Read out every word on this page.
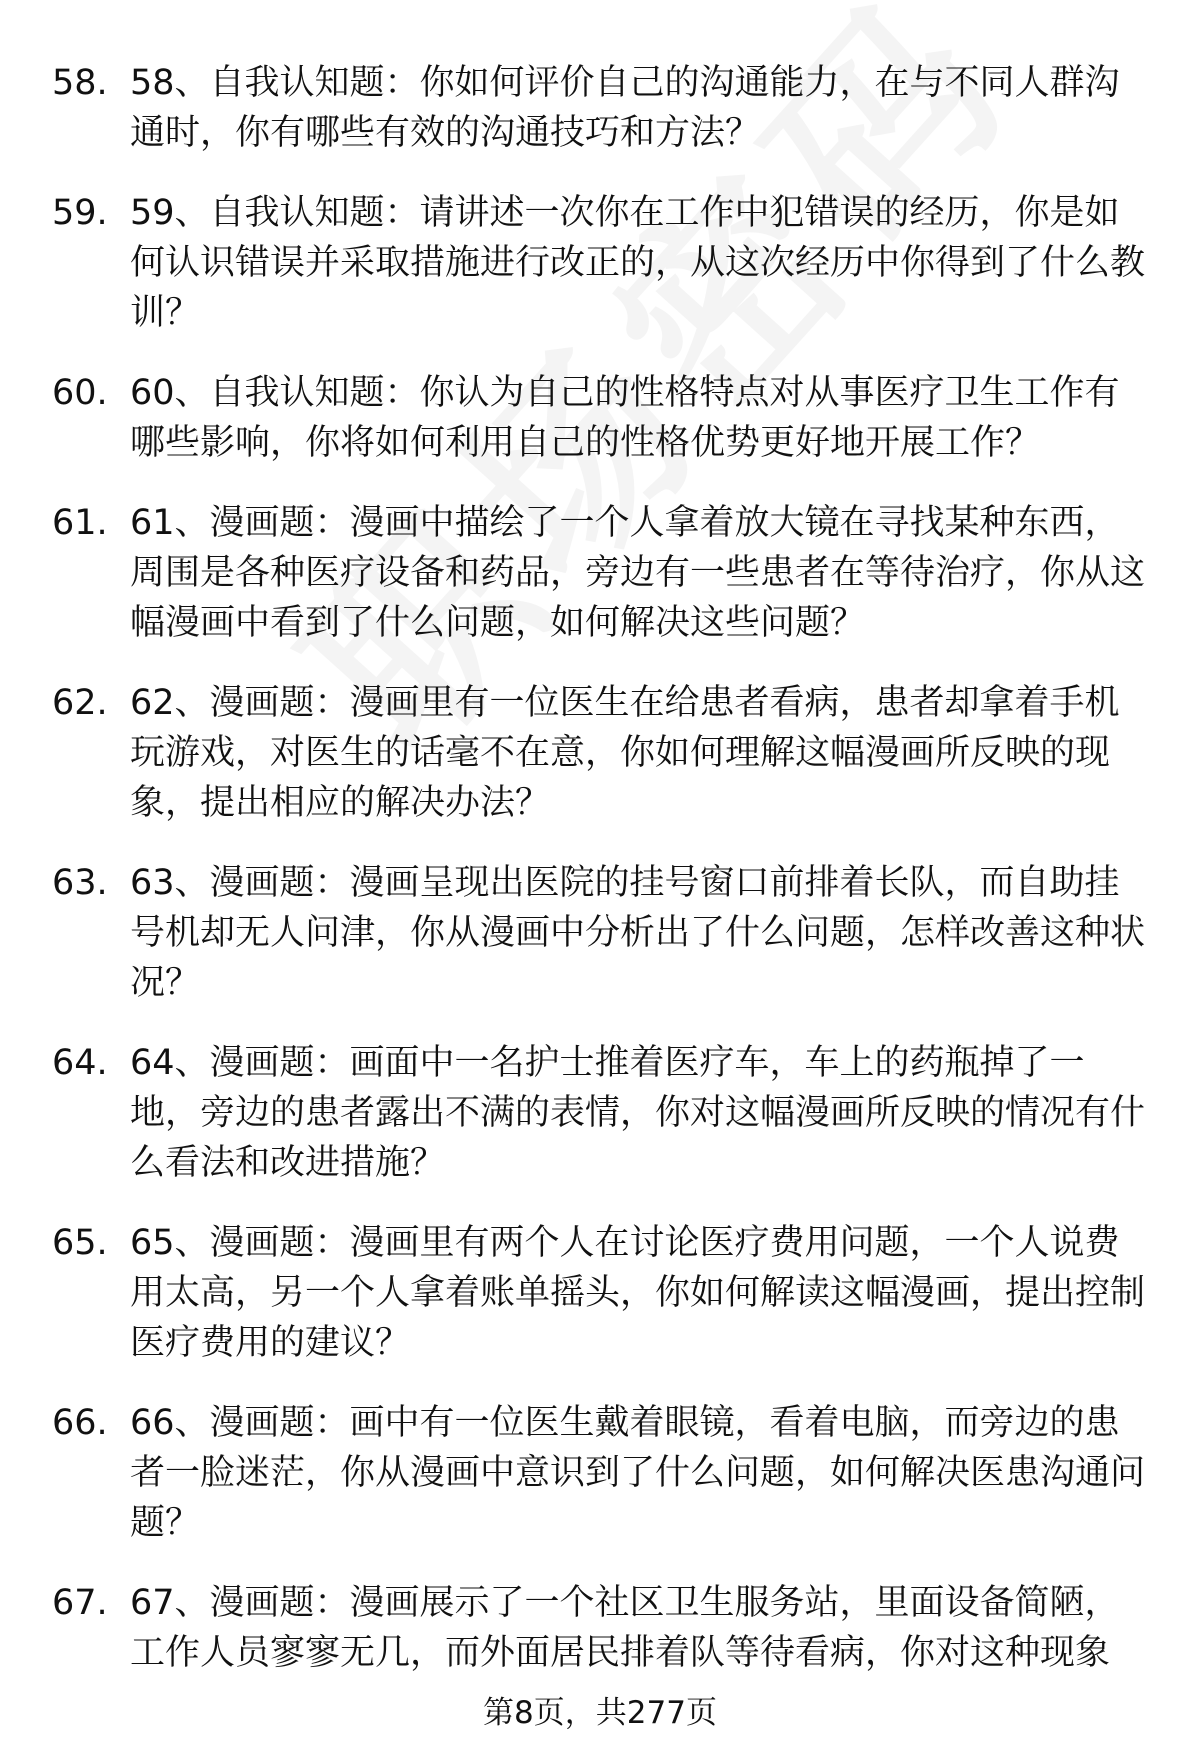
58. 58、自我认知题：你如何评价自己的沟通能力，在与不同人群沟通时，你有哪些有效的沟通技巧和方法？
59. 59、自我认知题：请讲述一次你在工作中犯错误的经历，你是如何认识错误并采取措施进行改正的，从这次经历中你得到了什么教训？
60. 60、自我认知题：你认为自己的性格特点对从事医疗卫生工作有哪些影响，你将如何利用自己的性格优势更好地开展工作？
61. 61、漫画题：漫画中描绘了一个人拿着放大镜在寻找某种东西，周围是各种医疗设备和药品，旁边有一些患者在等待治疗，你从这幅漫画中看到了什么问题，如何解决这些问题？
62. 62、漫画题：漫画里有一位医生在给患者看病，患者却拿着手机玩游戏，对医生的话毫不在意，你如何理解这幅漫画所反映的现象，提出相应的解决办法？
63. 63、漫画题：漫画呈现出医院的挂号窗口前排着长队，而自助挂号机却无人问津，你从漫画中分析出了什么问题，怎样改善这种状况？
64. 64、漫画题：画面中一名护士推着医疗车，车上的药瓶掉了一地，旁边的患者露出不满的表情，你对这幅漫画所反映的情况有什么看法和改进措施？
65. 65、漫画题：漫画里有两个人在讨论医疗费用问题，一个人说费用太高，另一个人拿着账单摇头，你如何解读这幅漫画，提出控制医疗费用的建议？
66. 66、漫画题：画中有一位医生戴着眼镜，看着电脑，而旁边的患者一脸迷茫，你从漫画中意识到了什么问题，如何解决医患沟通问题？
67. 67、漫画题：漫画展示了一个社区卫生服务站，里面设备简陋，工作人员寥寥无几，而外面居民排着队等待看病，你对这种现象
第8页，共277页
